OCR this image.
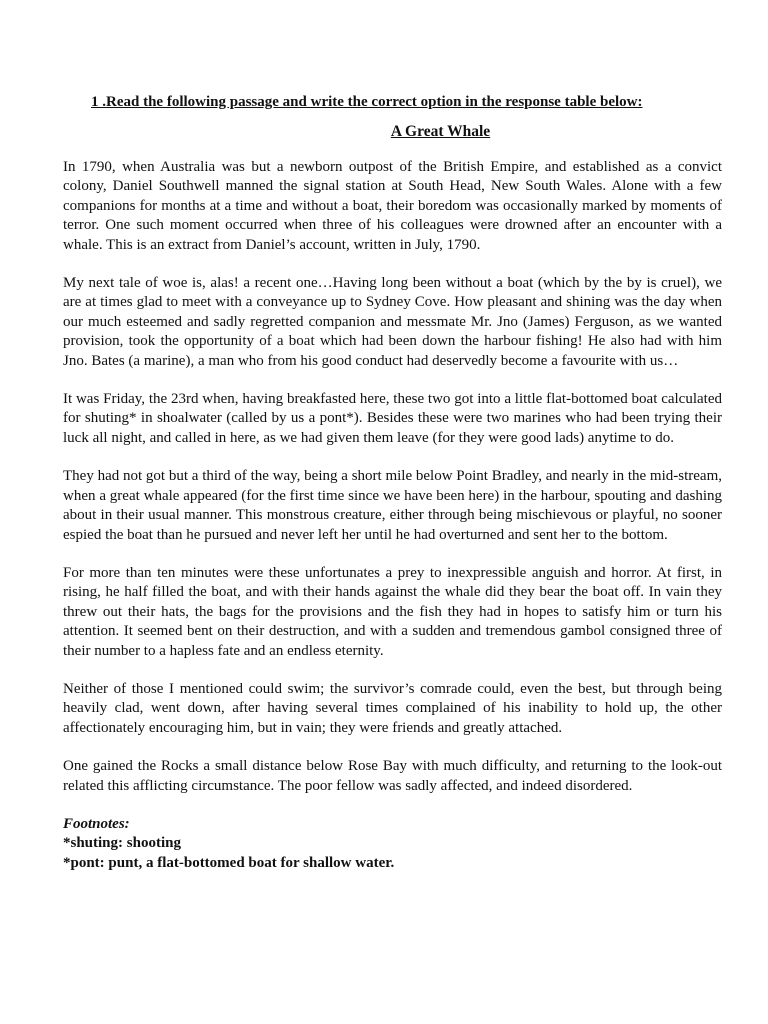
1 .Read the following passage and write the correct option in the response table below:
A Great Whale

In 1790, when Australia was but a newborn outpost of the British Empire, and established as a convict colony, Daniel Southwell manned the signal station at South Head, New South Wales. Alone with a few companions for months at a time and without a boat, their boredom was occasionally marked by moments of terror. One such moment occurred when three of his colleagues were drowned after an encounter with a whale. This is an extract from Daniel’s account, written in July, 1790.

My next tale of woe is, alas! a recent one…Having long been without a boat (which by the by is cruel), we are at times glad to meet with a conveyance up to Sydney Cove. How pleasant and shining was the day when our much esteemed and sadly regretted companion and messmate Mr. Jno (James) Ferguson, as we wanted provision, took the opportunity of a boat which had been down the harbour fishing! He also had with him Jno. Bates (a marine), a man who from his good conduct had deservedly become a favourite with us…

It was Friday, the 23rd when, having breakfasted here, these two got into a little flat-bottomed boat calculated for shuting* in shoalwater (called by us a pont*). Besides these were two marines who had been trying their luck all night, and called in here, as we had given them leave (for they were good lads) anytime to do.

They had not got but a third of the way, being a short mile below Point Bradley, and nearly in the mid-stream, when a great whale appeared (for the first time since we have been here) in the harbour, spouting and dashing about in their usual manner. This monstrous creature, either through being mischievous or playful, no sooner espied the boat than he pursued and never left her until he had overturned and sent her to the bottom.

For more than ten minutes were these unfortunates a prey to inexpressible anguish and horror. At first, in rising, he half filled the boat, and with their hands against the whale did they bear the boat off. In vain they threw out their hats, the bags for the provisions and the fish they had in hopes to satisfy him or turn his attention. It seemed bent on their destruction, and with a sudden and tremendous gambol consigned three of their number to a hapless fate and an endless eternity.

Neither of those I mentioned could swim; the survivor’s comrade could, even the best, but through being heavily clad, went down, after having several times complained of his inability to hold up, the other affectionately encouraging him, but in vain; they were friends and greatly attached.

One gained the Rocks a small distance below Rose Bay with much difficulty, and returning to the look-out related this afflicting circumstance. The poor fellow was sadly affected, and indeed disordered.

Footnotes:
*shuting: shooting
*pont: punt, a flat-bottomed boat for shallow water.
